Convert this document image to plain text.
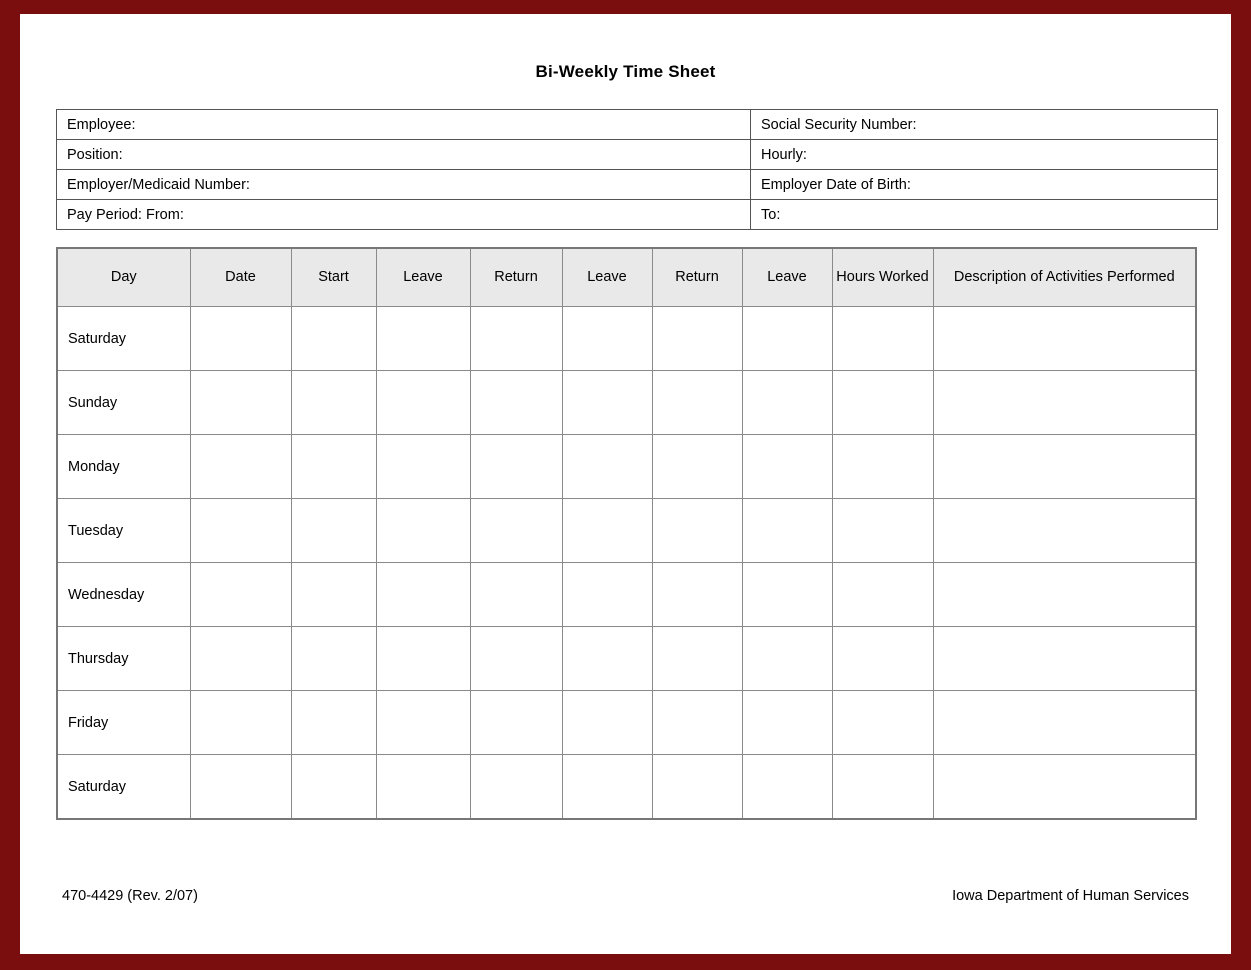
Bi-Weekly Time Sheet
Employee:	Social Security Number:
Position:	Hourly:
Employer/Medicaid Number:	Employer Date of Birth:
Pay Period: From:	To:
Day	Date	Start	Leave	Return	Leave	Return	Leave	Hours Worked	Description of Activities Performed
Saturday									
Sunday									
Monday									
Tuesday									
Wednesday									
Thursday									
Friday									
Saturday									
470-4429 (Rev. 2/07)	Iowa Department of Human Services
